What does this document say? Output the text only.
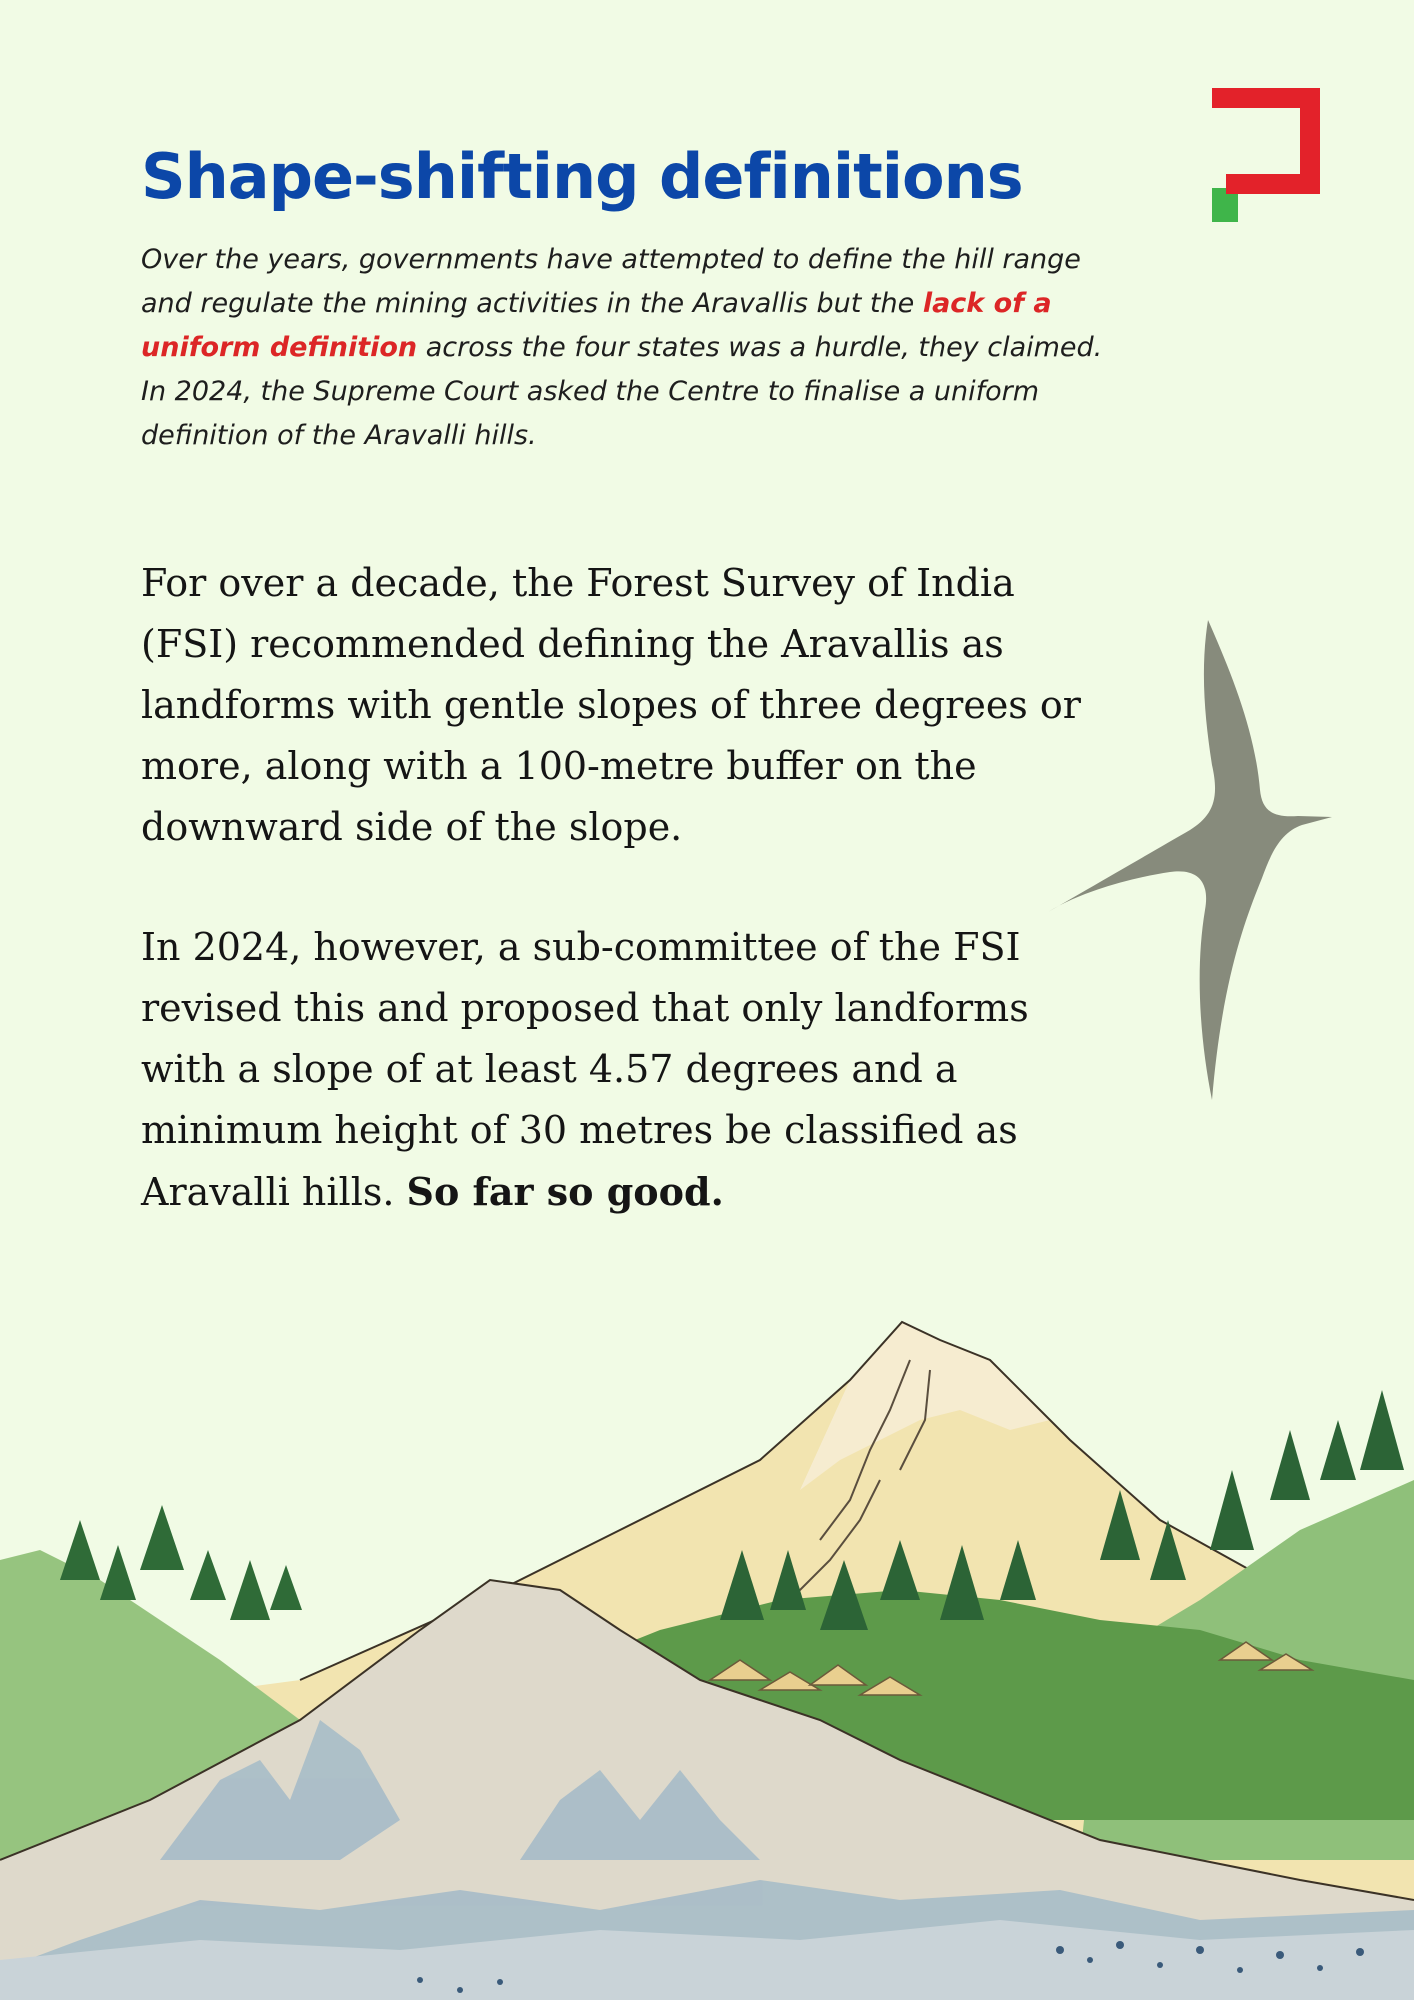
Shape-shifting definitions

Over the years, governments have attempted to define the hill range and regulate the mining activities in the Aravallis but the lack of a uniform definition across the four states was a hurdle, they claimed. In 2024, the Supreme Court asked the Centre to finalise a uniform definition of the Aravalli hills.

For over a decade, the Forest Survey of India (FSI) recommended defining the Aravallis as landforms with gentle slopes of three degrees or more, along with a 100-metre buffer on the downward side of the slope.

In 2024, however, a sub-committee of the FSI revised this and proposed that only landforms with a slope of at least 4.57 degrees and a minimum height of 30 metres be classified as Aravalli hills. So far so good.
